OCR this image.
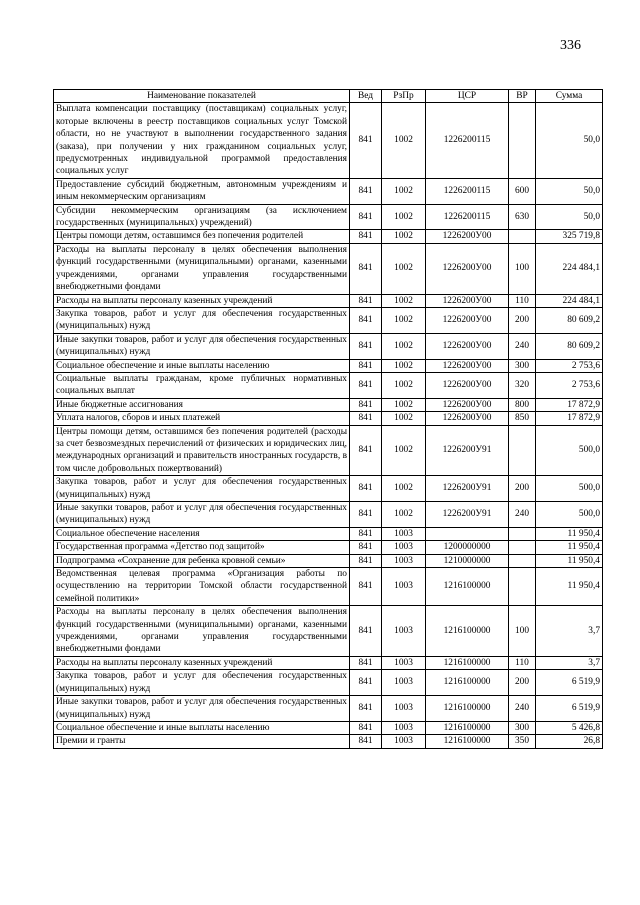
336
Наименование показателей	Вед	РзПр	ЦСР	ВР	Сумма
Выплата компенсации поставщику (поставщикам) социальных услуг, которые включены в реестр поставщиков социальных услуг Томской области, но не участвуют в выполнении государственного задания (заказа), при получении у них гражданином социальных услуг, предусмотренных индивидуальной программой предоставления социальных услуг	841	1002	1226200115		50,0
Предоставление субсидий бюджетным, автономным учреждениям и иным некоммерческим организациям	841	1002	1226200115	600	50,0
Субсидии некоммерческим организациям (за исключением государственных (муниципальных) учреждений)	841	1002	1226200115	630	50,0
Центры помощи детям, оставшимся без попечения родителей	841	1002	1226200У00		325 719,8
Расходы на выплаты персоналу в целях обеспечения выполнения функций государственными (муниципальными) органами, казенными учреждениями, органами управления государственными внебюджетными фондами	841	1002	1226200У00	100	224 484,1
Расходы на выплаты персоналу казенных учреждений	841	1002	1226200У00	110	224 484,1
Закупка товаров, работ и услуг для обеспечения государственных (муниципальных) нужд	841	1002	1226200У00	200	80 609,2
Иные закупки товаров, работ и услуг для обеспечения государственных (муниципальных) нужд	841	1002	1226200У00	240	80 609,2
Социальное обеспечение и иные выплаты населению	841	1002	1226200У00	300	2 753,6
Социальные выплаты гражданам, кроме публичных нормативных социальных выплат	841	1002	1226200У00	320	2 753,6
Иные бюджетные ассигнования	841	1002	1226200У00	800	17 872,9
Уплата налогов, сборов и иных платежей	841	1002	1226200У00	850	17 872,9
Центры помощи детям, оставшимся без попечения родителей (расходы за счет безвозмездных перечислений от физических и юридических лиц, международных организаций и правительств иностранных государств, в том числе добровольных пожертвований)	841	1002	1226200У91		500,0
Закупка товаров, работ и услуг для обеспечения государственных (муниципальных) нужд	841	1002	1226200У91	200	500,0
Иные закупки товаров, работ и услуг для обеспечения государственных (муниципальных) нужд	841	1002	1226200У91	240	500,0
Социальное обеспечение населения	841	1003			11 950,4
Государственная программа «Детство под защитой»	841	1003	1200000000		11 950,4
Подпрограмма «Сохранение для ребенка кровной семьи»	841	1003	1210000000		11 950,4
Ведомственная целевая программа «Организация работы по осуществлению на территории Томской области государственной семейной политики»	841	1003	1216100000		11 950,4
Расходы на выплаты персоналу в целях обеспечения выполнения функций государственными (муниципальными) органами, казенными учреждениями, органами управления государственными внебюджетными фондами	841	1003	1216100000	100	3,7
Расходы на выплаты персоналу казенных учреждений	841	1003	1216100000	110	3,7
Закупка товаров, работ и услуг для обеспечения государственных (муниципальных) нужд	841	1003	1216100000	200	6 519,9
Иные закупки товаров, работ и услуг для обеспечения государственных (муниципальных) нужд	841	1003	1216100000	240	6 519,9
Социальное обеспечение и иные выплаты населению	841	1003	1216100000	300	5 426,8
Премии и гранты	841	1003	1216100000	350	26,8
